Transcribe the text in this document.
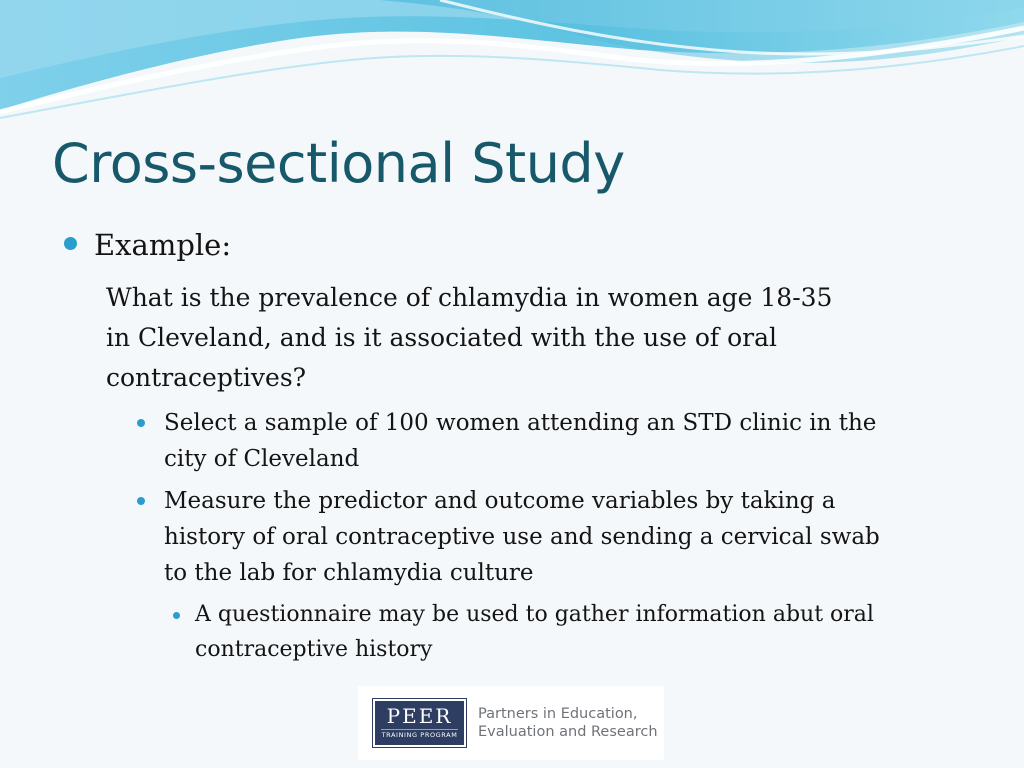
Cross-sectional Study

Example:

What is the prevalence of chlamydia in women age 18-35

in Cleveland, and is it associated with the use of oral

contraceptives?

Select a sample of 100 women attending an STD clinic in the

city of Cleveland

Measure the predictor and outcome variables by taking a

history of oral contraceptive use and sending a cervical swab

to the lab for chlamydia culture

A questionnaire may be used to gather information abut oral

contraceptive history

PEER
TRAINING PROGRAM
Partners in Education,
Evaluation and Research
